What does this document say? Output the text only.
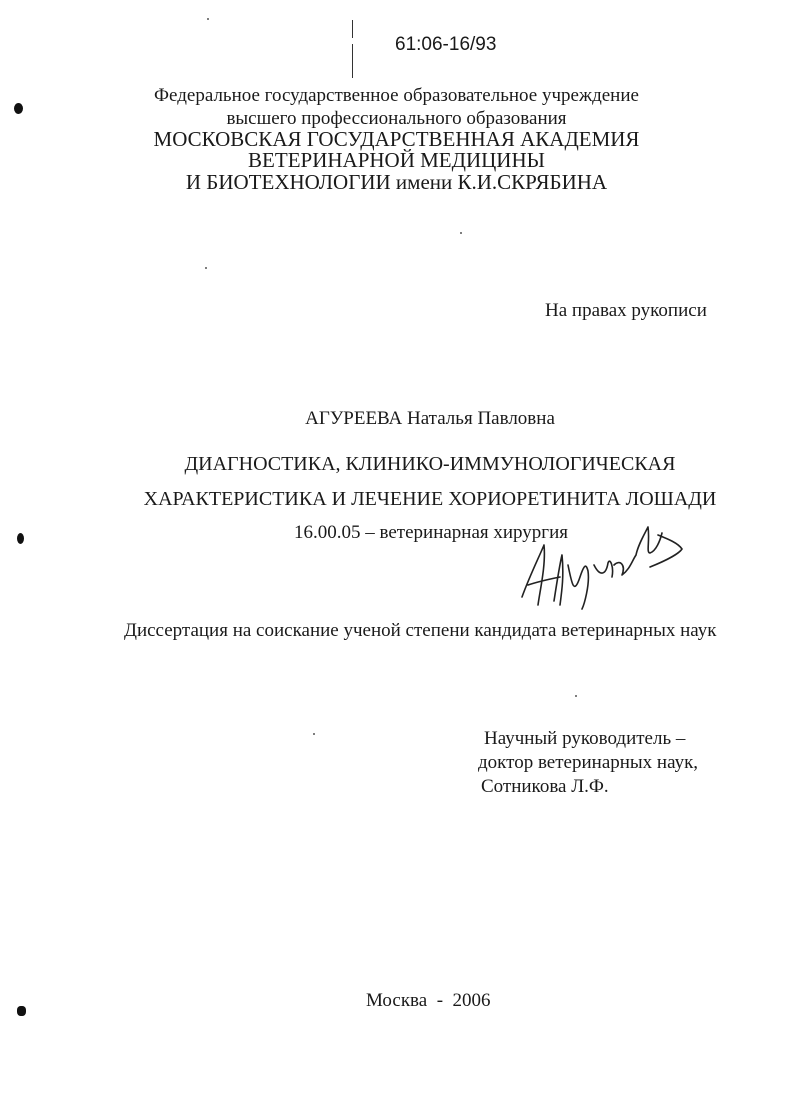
61:06-16/93
Федеральное государственное образовательное учреждение
высшего профессионального образования
МОСКОВСКАЯ ГОСУДАРСТВЕННАЯ АКАДЕМИЯ
ВЕТЕРИНАРНОЙ МЕДИЦИНЫ
И БИОТЕХНОЛОГИИ имени К.И.СКРЯБИНА
На правах рукописи
АГУРЕЕВА Наталья Павловна
ДИАГНОСТИКА, КЛИНИКО-ИММУНОЛОГИЧЕСКАЯ
ХАРАКТЕРИСТИКА И ЛЕЧЕНИЕ ХОРИОРЕТИНИТА ЛОШАДИ
16.00.05 – ветеринарная хирургия
Диссертация на соискание ученой степени кандидата ветеринарных наук
Научный руководитель –
доктор ветеринарных наук,
Сотникова Л.Ф.
Москва - 2006
